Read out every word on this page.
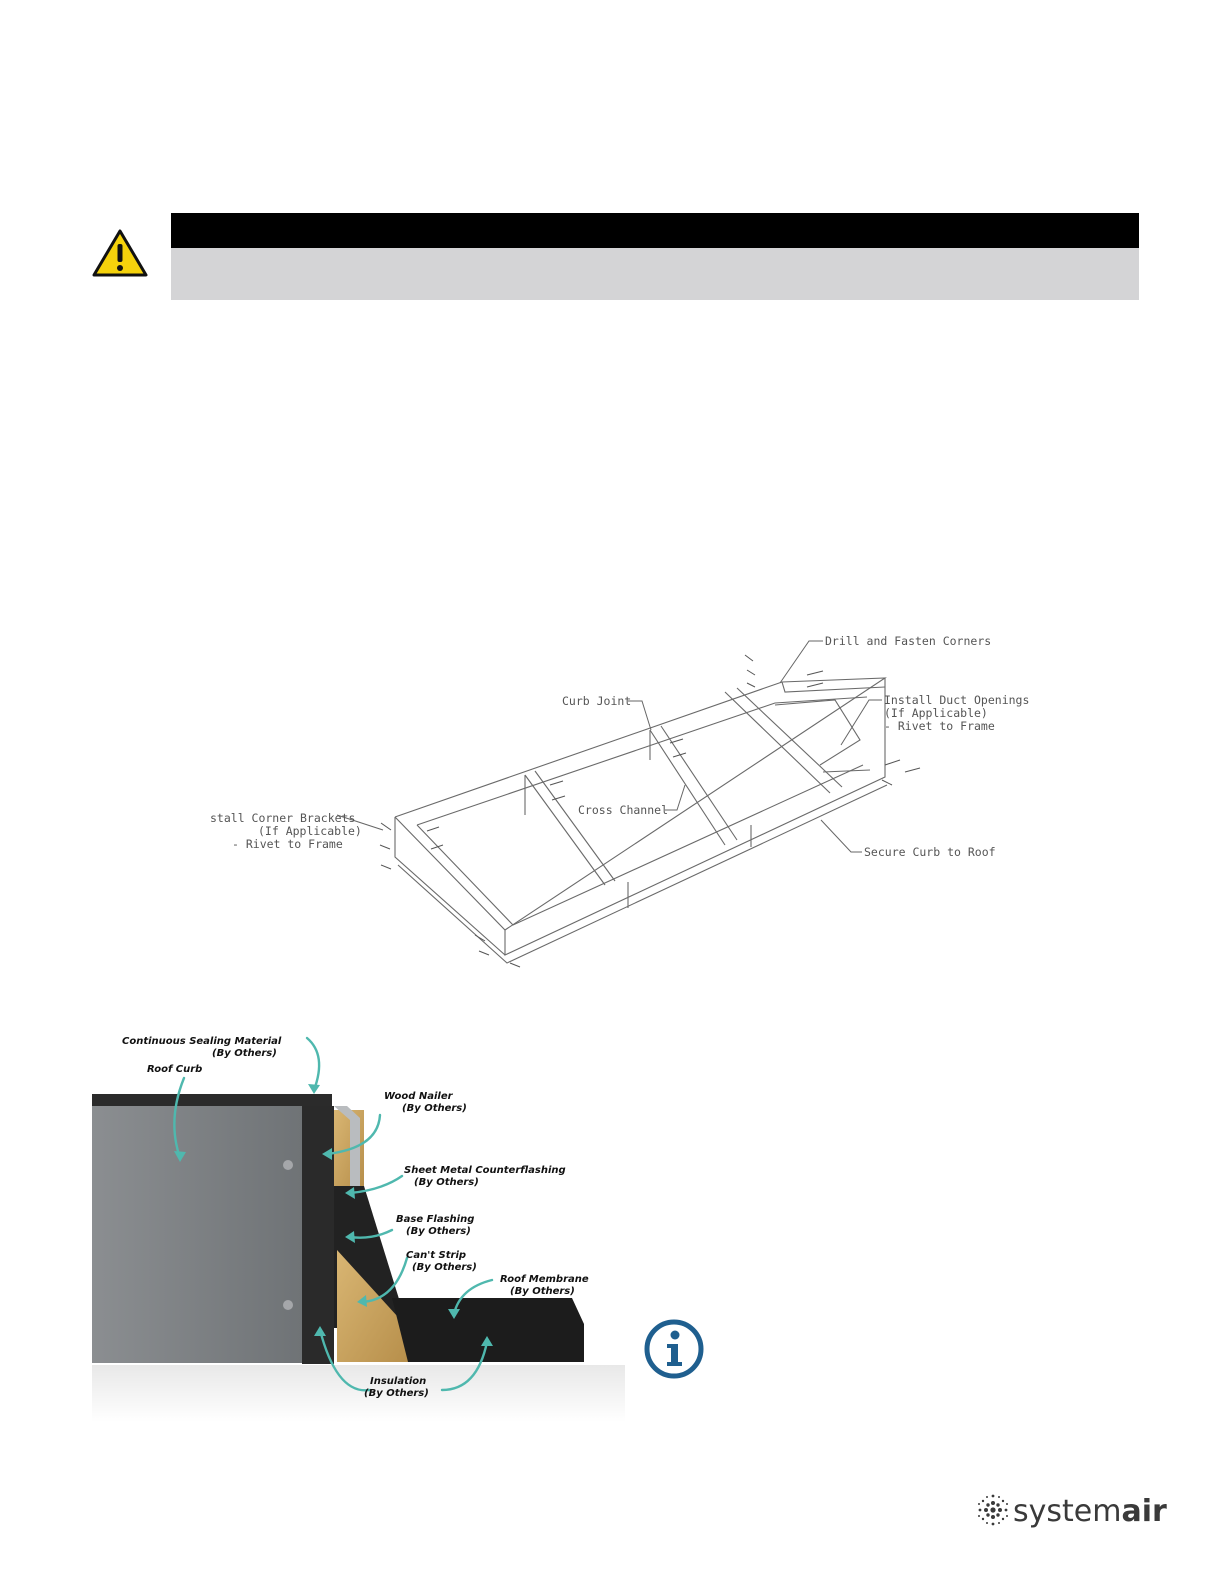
Drill and Fasten Corners
Install Duct Openings
(If Applicable)
- Rivet to Frame
Curb Joint
stall Corner Brackets
(If Applicable)
- Rivet to Frame
Cross Channel
Secure Curb to Roof
Continuous Sealing Material
(By Others)
Roof Curb
Wood Nailer
(By Others)
Sheet Metal Counterflashing
(By Others)
Base Flashing
(By Others)
Can't Strip
(By Others)
Roof Membrane
(By Others)
Insulation
(By Others)
systemair
